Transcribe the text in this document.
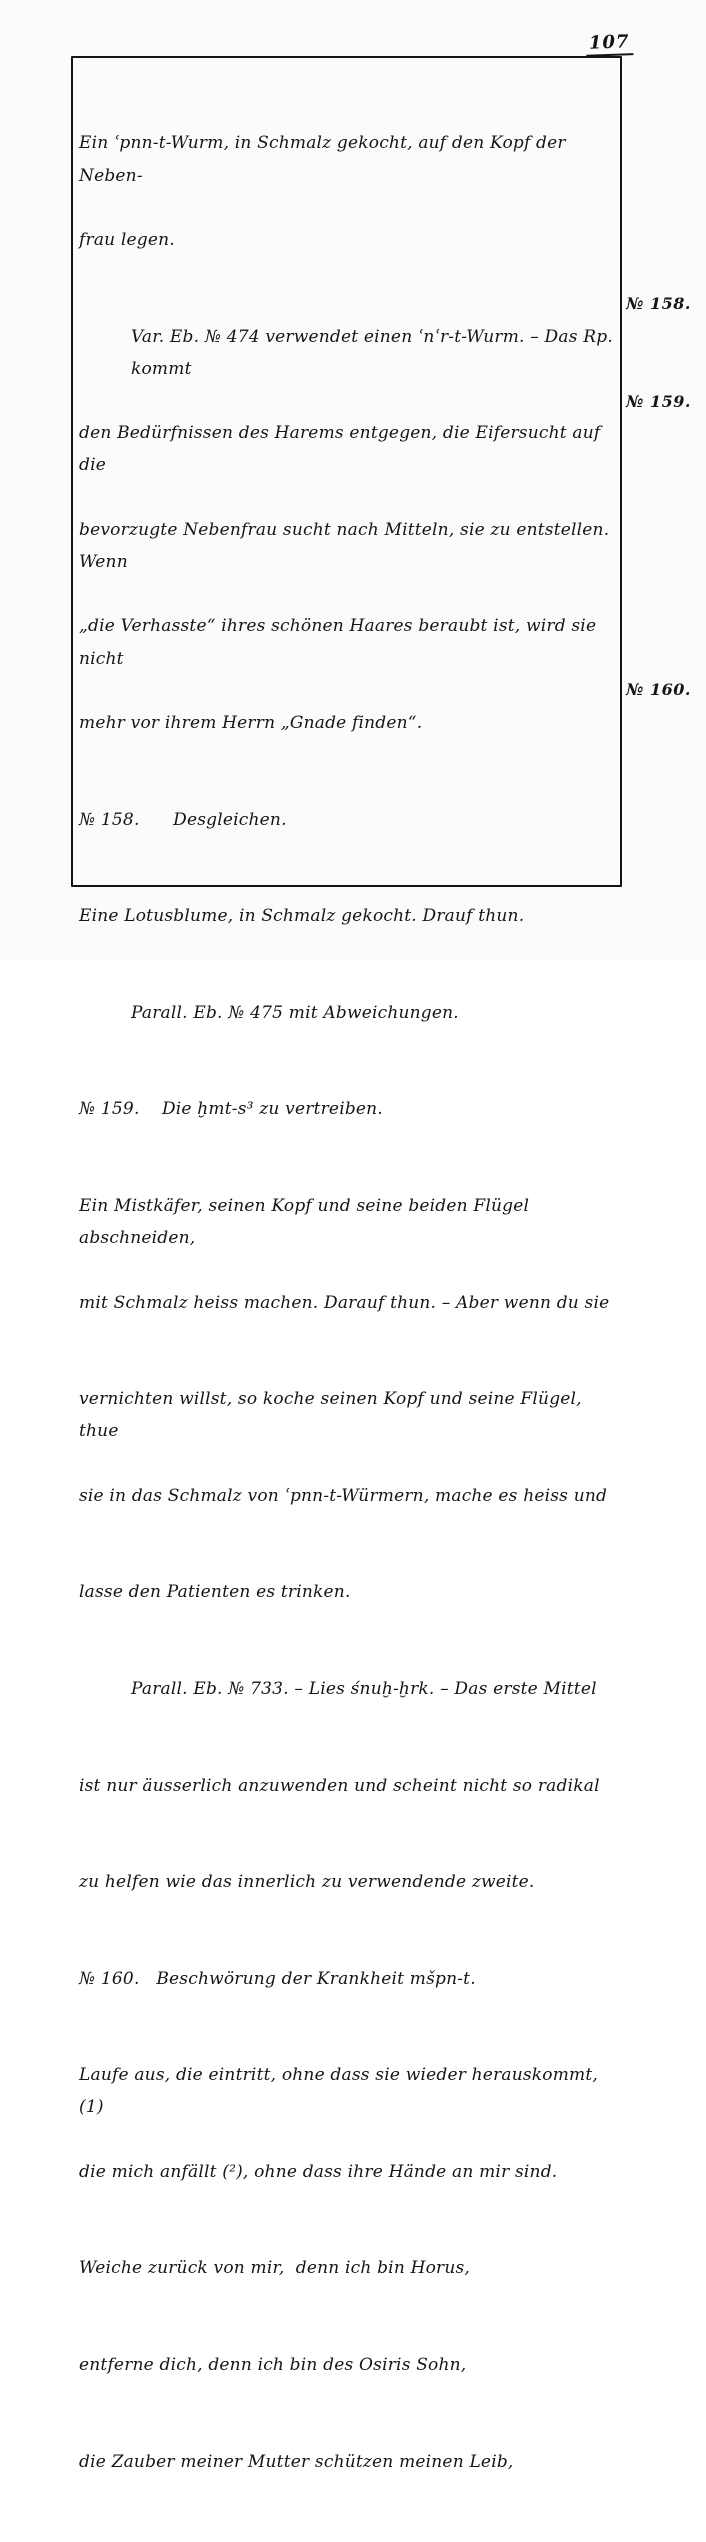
107

Ein ʿpnn-t-Wurm, in Schmalz gekocht, auf den Kopf der Neben-

frau legen.

Var. Eb. № 474 verwendet einen ʿnʿr-t-Wurm. – Das Rp. kommt

den Bedürfnissen des Harems entgegen, die Eifersucht auf die

bevorzugte Nebenfrau sucht nach Mitteln, sie zu entstellen. Wenn

„die Verhasste“ ihres schönen Haares beraubt ist, wird sie nicht

mehr vor ihrem Herrn „Gnade finden“.

№ 158.      Desgleichen.

Eine Lotusblume, in Schmalz gekocht. Drauf thun.

Parall. Eb. № 475 mit Abweichungen.

№ 159.    Die ḫmt-s³ zu vertreiben.

Ein Mistkäfer, seinen Kopf und seine beiden Flügel abschneiden,

mit Schmalz heiss machen. Darauf thun. – Aber wenn du sie

vernichten willst, so koche seinen Kopf und seine Flügel, thue

sie in das Schmalz von ʿpnn-t-Würmern, mache es heiss und

lasse den Patienten es trinken.

Parall. Eb. № 733. – Lies śnuḫ-ḫrk. – Das erste Mittel

ist nur äusserlich anzuwenden und scheint nicht so radikal

zu helfen wie das innerlich zu verwendende zweite.

№ 160.   Beschwörung der Krankheit mšpn-t.

Laufe aus, die eintritt, ohne dass sie wieder herauskommt, (1)

die mich anfällt (²), ohne dass ihre Hände an mir sind.

Weiche zurück von mir,  denn ich bin Horus,

entferne dich, denn ich bin des Osiris Sohn,

die Zauber meiner Mutter schützen meinen Leib,

№ 158.
№ 159.
№ 160.
